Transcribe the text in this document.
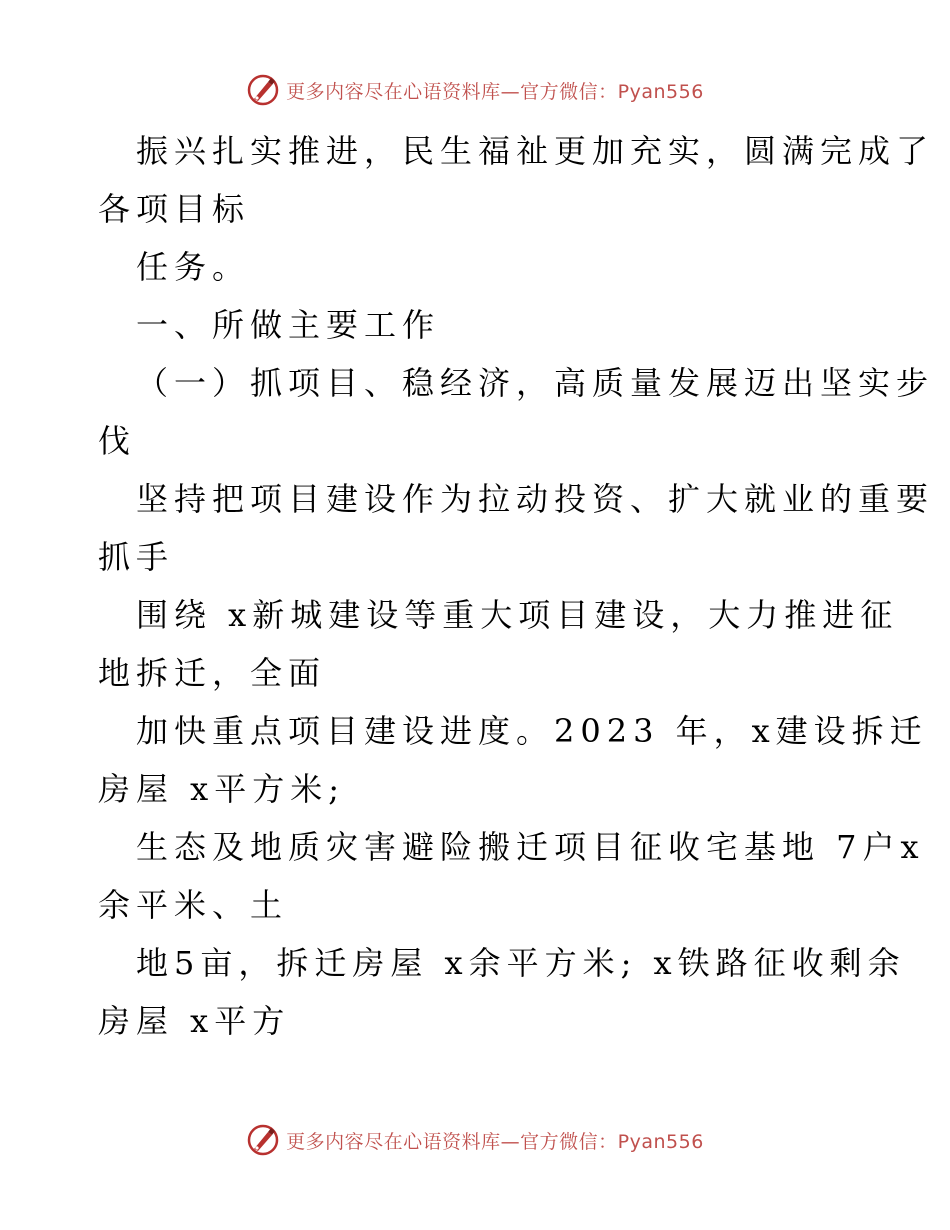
更多内容尽在心语资料库—官方微信：Pyan556
振兴扎实推进，民生福祉更加充实，圆满完成了
各项目标
任务。
一、所做主要工作
（一）抓项目、稳经济，高质量发展迈出坚实步
伐
坚持把项目建设作为拉动投资、扩大就业的重要
抓手
围绕 x新城建设等重大项目建设，大力推进征
地拆迁，全面
加快重点项目建设进度。2023 年，x建设拆迁
房屋 x平方米;
生态及地质灾害避险搬迁项目征收宅基地 7户x
余平米、土
地5亩，拆迁房屋 x余平方米; x铁路征收剩余
房屋 x平方
更多内容尽在心语资料库—官方微信：Pyan556
